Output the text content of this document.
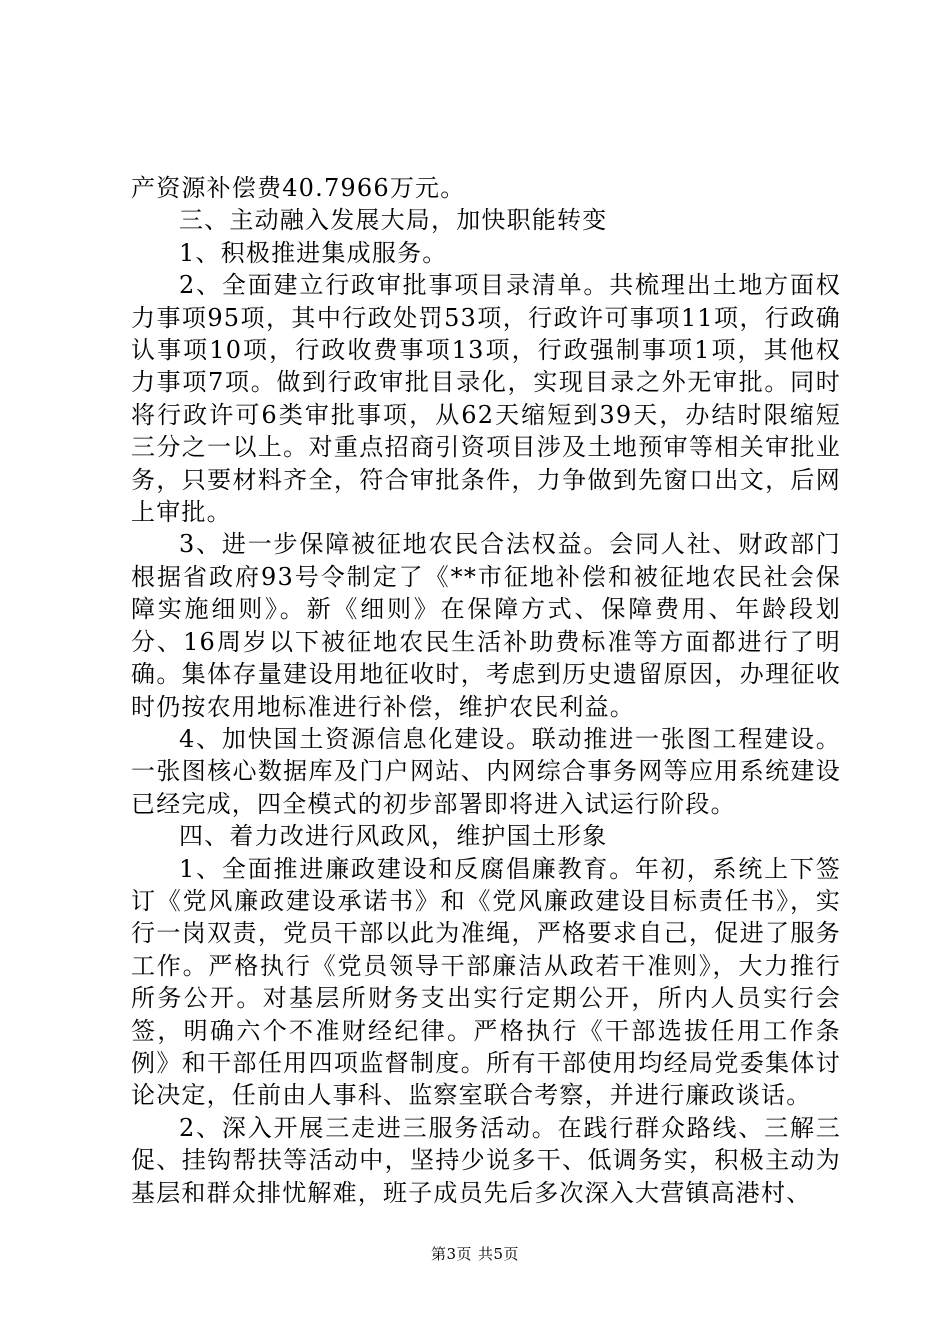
产资源补偿费40.7966万元。

三、主动融入发展大局，加快职能转变

1、积极推进集成服务。

2、全面建立行政审批事项目录清单。共梳理出土地方面权力事项95项，其中行政处罚53项，行政许可事项11项，行政确认事项10项，行政收费事项13项，行政强制事项1项，其他权力事项7项。做到行政审批目录化，实现目录之外无审批。同时将行政许可6类审批事项，从62天缩短到39天，办结时限缩短三分之一以上。对重点招商引资项目涉及土地预审等相关审批业务，只要材料齐全，符合审批条件，力争做到先窗口出文，后网上审批。

3、进一步保障被征地农民合法权益。会同人社、财政部门根据省政府93号令制定了《**市征地补偿和被征地农民社会保障实施细则》。新《细则》在保障方式、保障费用、年龄段划分、16周岁以下被征地农民生活补助费标准等方面都进行了明确。集体存量建设用地征收时，考虑到历史遗留原因，办理征收时仍按农用地标准进行补偿，维护农民利益。

4、加快国土资源信息化建设。联动推进一张图工程建设。一张图核心数据库及门户网站、内网综合事务网等应用系统建设已经完成，四全模式的初步部署即将进入试运行阶段。

四、着力改进行风政风，维护国土形象

1、全面推进廉政建设和反腐倡廉教育。年初，系统上下签订《党风廉政建设承诺书》和《党风廉政建设目标责任书》，实行一岗双责，党员干部以此为准绳，严格要求自己，促进了服务工作。严格执行《党员领导干部廉洁从政若干准则》，大力推行所务公开。对基层所财务支出实行定期公开，所内人员实行会签，明确六个不准财经纪律。严格执行《干部选拔任用工作条例》和干部任用四项监督制度。所有干部使用均经局党委集体讨论决定，任前由人事科、监察室联合考察，并进行廉政谈话。

2、深入开展三走进三服务活动。在践行群众路线、三解三促、挂钩帮扶等活动中，坚持少说多干、低调务实，积极主动为基层和群众排忧解难，班子成员先后多次深入大营镇高港村、

第3页 共5页
